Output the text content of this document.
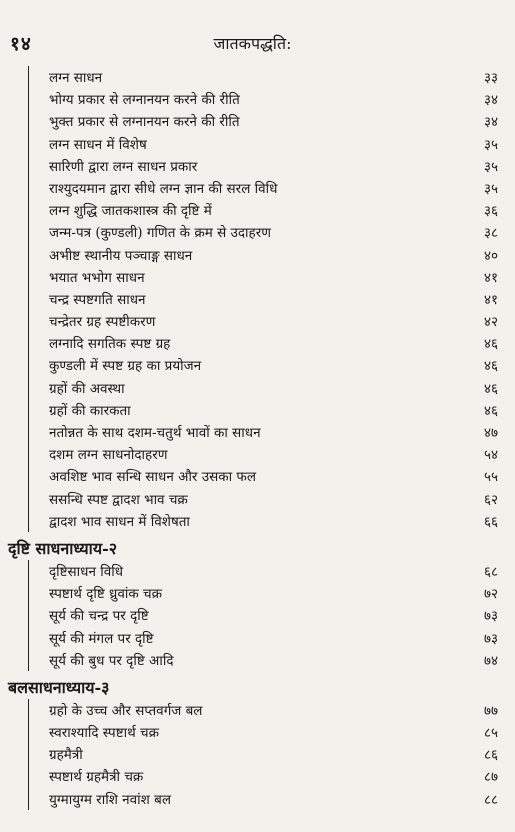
१४	जातकपद्धति:
लग्न साधन	३३
भोग्य प्रकार से लग्नानयन करने की रीति	३४
भुक्त प्रकार से लग्नानयन करने की रीति	३४
लग्न साधन में विशेष	३५
सारिणी द्वारा लग्न साधन प्रकार	३५
राश्युदयमान द्वारा सीधे लग्न ज्ञान की सरल विधि	३५
लग्न शुद्धि जातकशास्त्र की दृष्टि में	३६
जन्म-पत्र (कुण्डली) गणित के क्रम से उदाहरण	३८
अभीष्ट स्थानीय पञ्चाङ्ग साधन	४०
भयात भभोग साधन	४१
चन्द्र स्पष्टगति साधन	४१
चन्द्रेतर ग्रह स्पष्टीकरण	४२
लग्नादि सगतिक स्पष्ट ग्रह	४६
कुण्डली में स्पष्ट ग्रह का प्रयोजन	४६
ग्रहों की अवस्था	४६
ग्रहों की कारकता	४६
नतोन्नत के साथ दशम-चतुर्थ भावों का साधन	४७
दशम लग्न साधनोदाहरण	५४
अवशिष्ट भाव सन्धि साधन और उसका फल	५५
ससन्धि स्पष्ट द्वादश भाव चक्र	६२
द्वादश भाव साधन में विशेषता	६६
दृष्टि साधनाध्याय-२
दृष्टिसाधन विधि	६८
स्पष्टार्थ दृष्टि ध्रुवांक चक्र	७२
सूर्य की चन्द्र पर दृष्टि	७३
सूर्य की मंगल पर दृष्टि	७३
सूर्य की बुध पर दृष्टि आदि	७४
बलसाधनाध्याय-३
ग्रहो के उच्च और सप्तवर्गज बल	७७
स्वराश्यादि स्पष्टार्थ चक्र	८५
ग्रहमैत्री	८६
स्पष्टार्थ ग्रहमैत्री चक्र	८७
युग्मायुग्म राशि नवांश बल	८८
